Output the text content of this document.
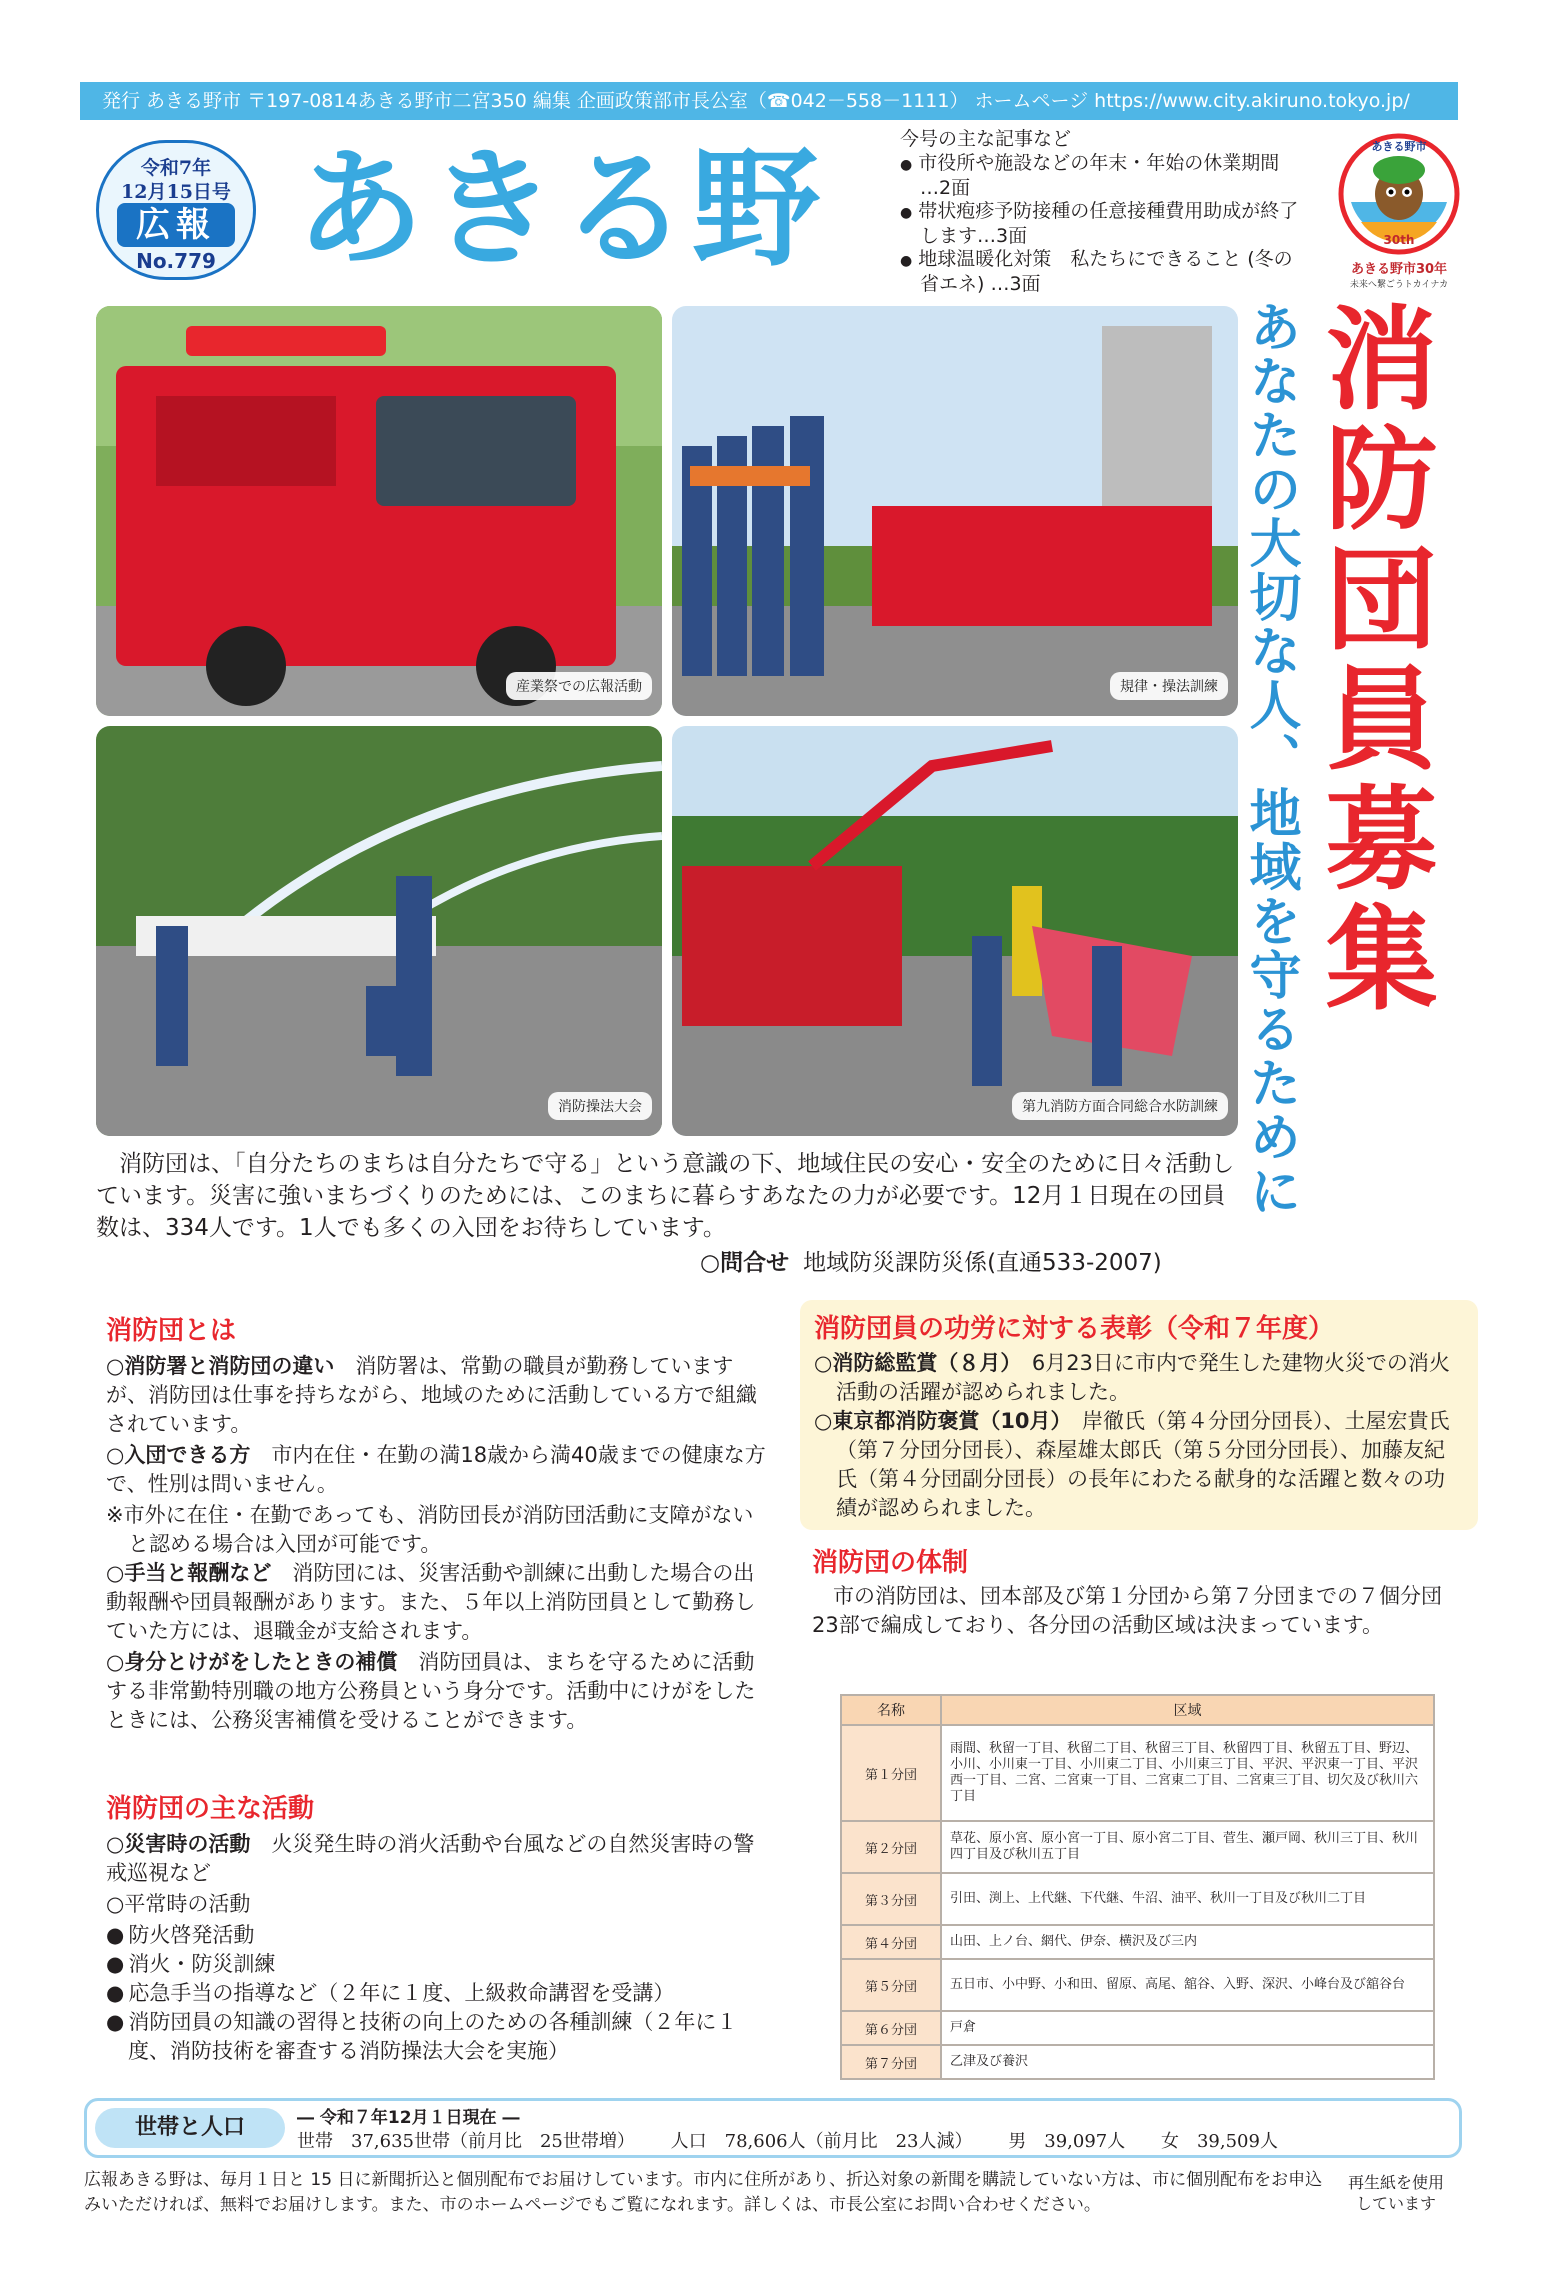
発行 あきる野市 〒197-0814あきる野市二宮350 編集 企画政策部市長公室（☎042－558－1111） ホームページ https://www.city.akiruno.tokyo.jp/
令和7年
12月15日号
広報
No.779 あきる野	今号の主な記事など
● 市役所や施設などの年末・年始の休業期間 …2面
● 帯状疱疹予防接種の任意接種費用助成が終了します…3面
● 地球温暖化対策　私たちにできること (冬の省エネ) …3面
あきる野市
30th
あきる野市30年
未来へ繋ごうトカイナカ
産業祭での広報活動	規律・操法訓練
消防操法大会	第九消防方面合同総合水防訓練
消防団員募集
あなたの大切な人、地域を守るために
消防団は、「自分たちのまちは自分たちで守る」という意識の下、地域住民の安心・安全のために日々活動しています。災害に強いまちづくりのためには、このまちに暮らすあなたの力が必要です。12月１日現在の団員数は、334人です。1人でも多くの入団をお待ちしています。
○問合せ 地域防災課防災係(直通533-2007)
消防団とは
○消防署と消防団の違い　 消防署は、常勤の職員が勤務していますが、消防団は仕事を持ちながら、地域のために活動している方で組織されています。
○入団できる方　 市内在住・在勤の満18歳から満40歳までの健康な方で、性別は問いません。
※市外に在住・在勤であっても、消防団長が消防団活動に支障がないと認める場合は入団が可能です。
○手当と報酬など　 消防団には、災害活動や訓練に出動した場合の出動報酬や団員報酬があります。また、５年以上消防団員として勤務していた方には、退職金が支給されます。
○身分とけがをしたときの補償　 消防団員は、まちを守るために活動する非常勤特別職の地方公務員という身分です。活動中にけがをしたときには、公務災害補償を受けることができます。
消防団の主な活動
○災害時の活動　 火災発生時の消火活動や台風などの自然災害時の警戒巡視など
○平常時の活動
● 防火啓発活動
● 消火・防災訓練
● 応急手当の指導など（２年に１度、上級救命講習を受講）
● 消防団員の知識の習得と技術の向上のための各種訓練（２年に１度、消防技術を審査する消防操法大会を実施）
消防団員の功労に対する表彰（令和７年度）
○消防総監賞（８月）　 6月23日に市内で発生した建物火災での消火活動の活躍が認められました。
○東京都消防褒賞（10月）　 岸徹氏（第４分団分団長）、土屋宏貴氏（第７分団分団長）、森屋雄太郎氏（第５分団分団長）、加藤友紀氏（第４分団副分団長）の長年にわたる献身的な活躍と数々の功績が認められました。
消防団の体制
市の消防団は、団本部及び第１分団から第７分団までの７個分団23部で編成しており、各分団の活動区域は決まっています。
名称	区域
第１分団	雨間、秋留一丁目、秋留二丁目、秋留三丁目、秋留四丁目、秋留五丁目、野辺、小川、小川東一丁目、小川東二丁目、小川東三丁目、平沢、平沢東一丁目、平沢西一丁目、二宮、二宮東一丁目、二宮東二丁目、二宮東三丁目、切欠及び秋川六丁目
第２分団	草花、原小宮、原小宮一丁目、原小宮二丁目、菅生、瀬戸岡、秋川三丁目、秋川四丁目及び秋川五丁目
第３分団	引田、渕上、上代継、下代継、牛沼、油平、秋川一丁目及び秋川二丁目
第４分団	山田、上ノ台、網代、伊奈、横沢及び三内
第５分団	五日市、小中野、小和田、留原、高尾、舘谷、入野、深沢、小峰台及び舘谷台
第６分団	戸倉
第７分団	乙津及び養沢
世帯と人口	― 令和７年12月１日現在 ―
世帯　37,635世帯（前月比　25世帯増） 人口　78,606人（前月比　23人減） 男　39,097人 女　39,509人
広報あきる野は、毎月１日と 15 日に新聞折込と個別配布でお届けしています。市内に住所があり、折込対象の新聞を購読していない方は、市に個別配布をお申込みいただければ、無料でお届けします。また、市のホームページでもご覧になれます。詳しくは、市長公室にお問い合わせください。
再生紙を使用しています
